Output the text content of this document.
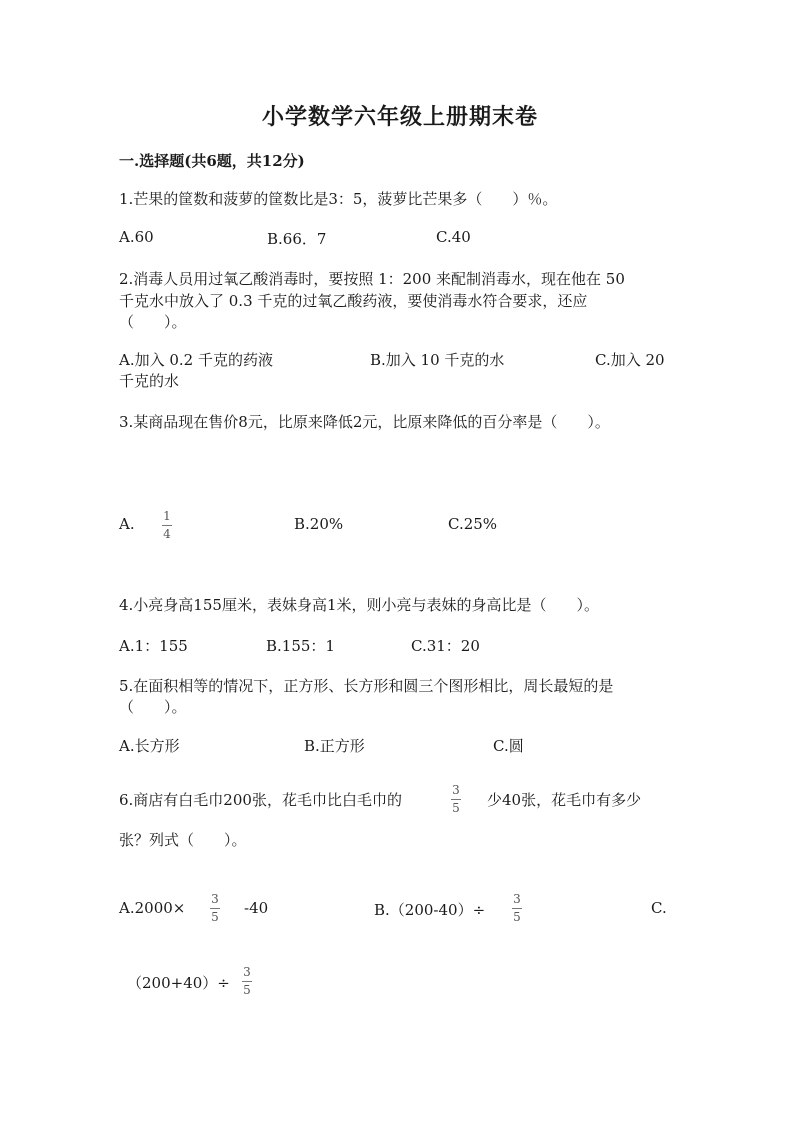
小学数学六年级上册期末卷
一.选择题(共6题，共12分)
1.芒果的筐数和菠萝的筐数比是3：5，菠萝比芒果多（　　）％。
A.60	B.66．7	C.40
2.消毒人员用过氧乙酸消毒时，要按照 1：200 来配制消毒水，现在他在 50
千克水中放入了 0.3 千克的过氧乙酸药液，要使消毒水符合要求，还应
（　　）。
A.加入 0.2 千克的药液	B.加入 10 千克的水	C.加入 20
千克的水
3.某商品现在售价8元，比原来降低2元，比原来降低的百分率是（　　）。
A. 1
4
B.20%	C.25%
4.小亮身高155厘米，表妹身高1米，则小亮与表妹的身高比是（　　）。
A.1：155	B.155：1	C.31：20
5.在面积相等的情况下，正方形、长方形和圆三个图形相比，周长最短的是
（　　）。
A.长方形	B.正方形	C.圆
6.商店有白毛巾200张，花毛巾比白毛巾的
3
5 少40张，花毛巾有多少
张？列式（　　）。
A.2000× 3
5 -40	B.（200-40）÷
3
5	C.
（200+40）÷
3
5
